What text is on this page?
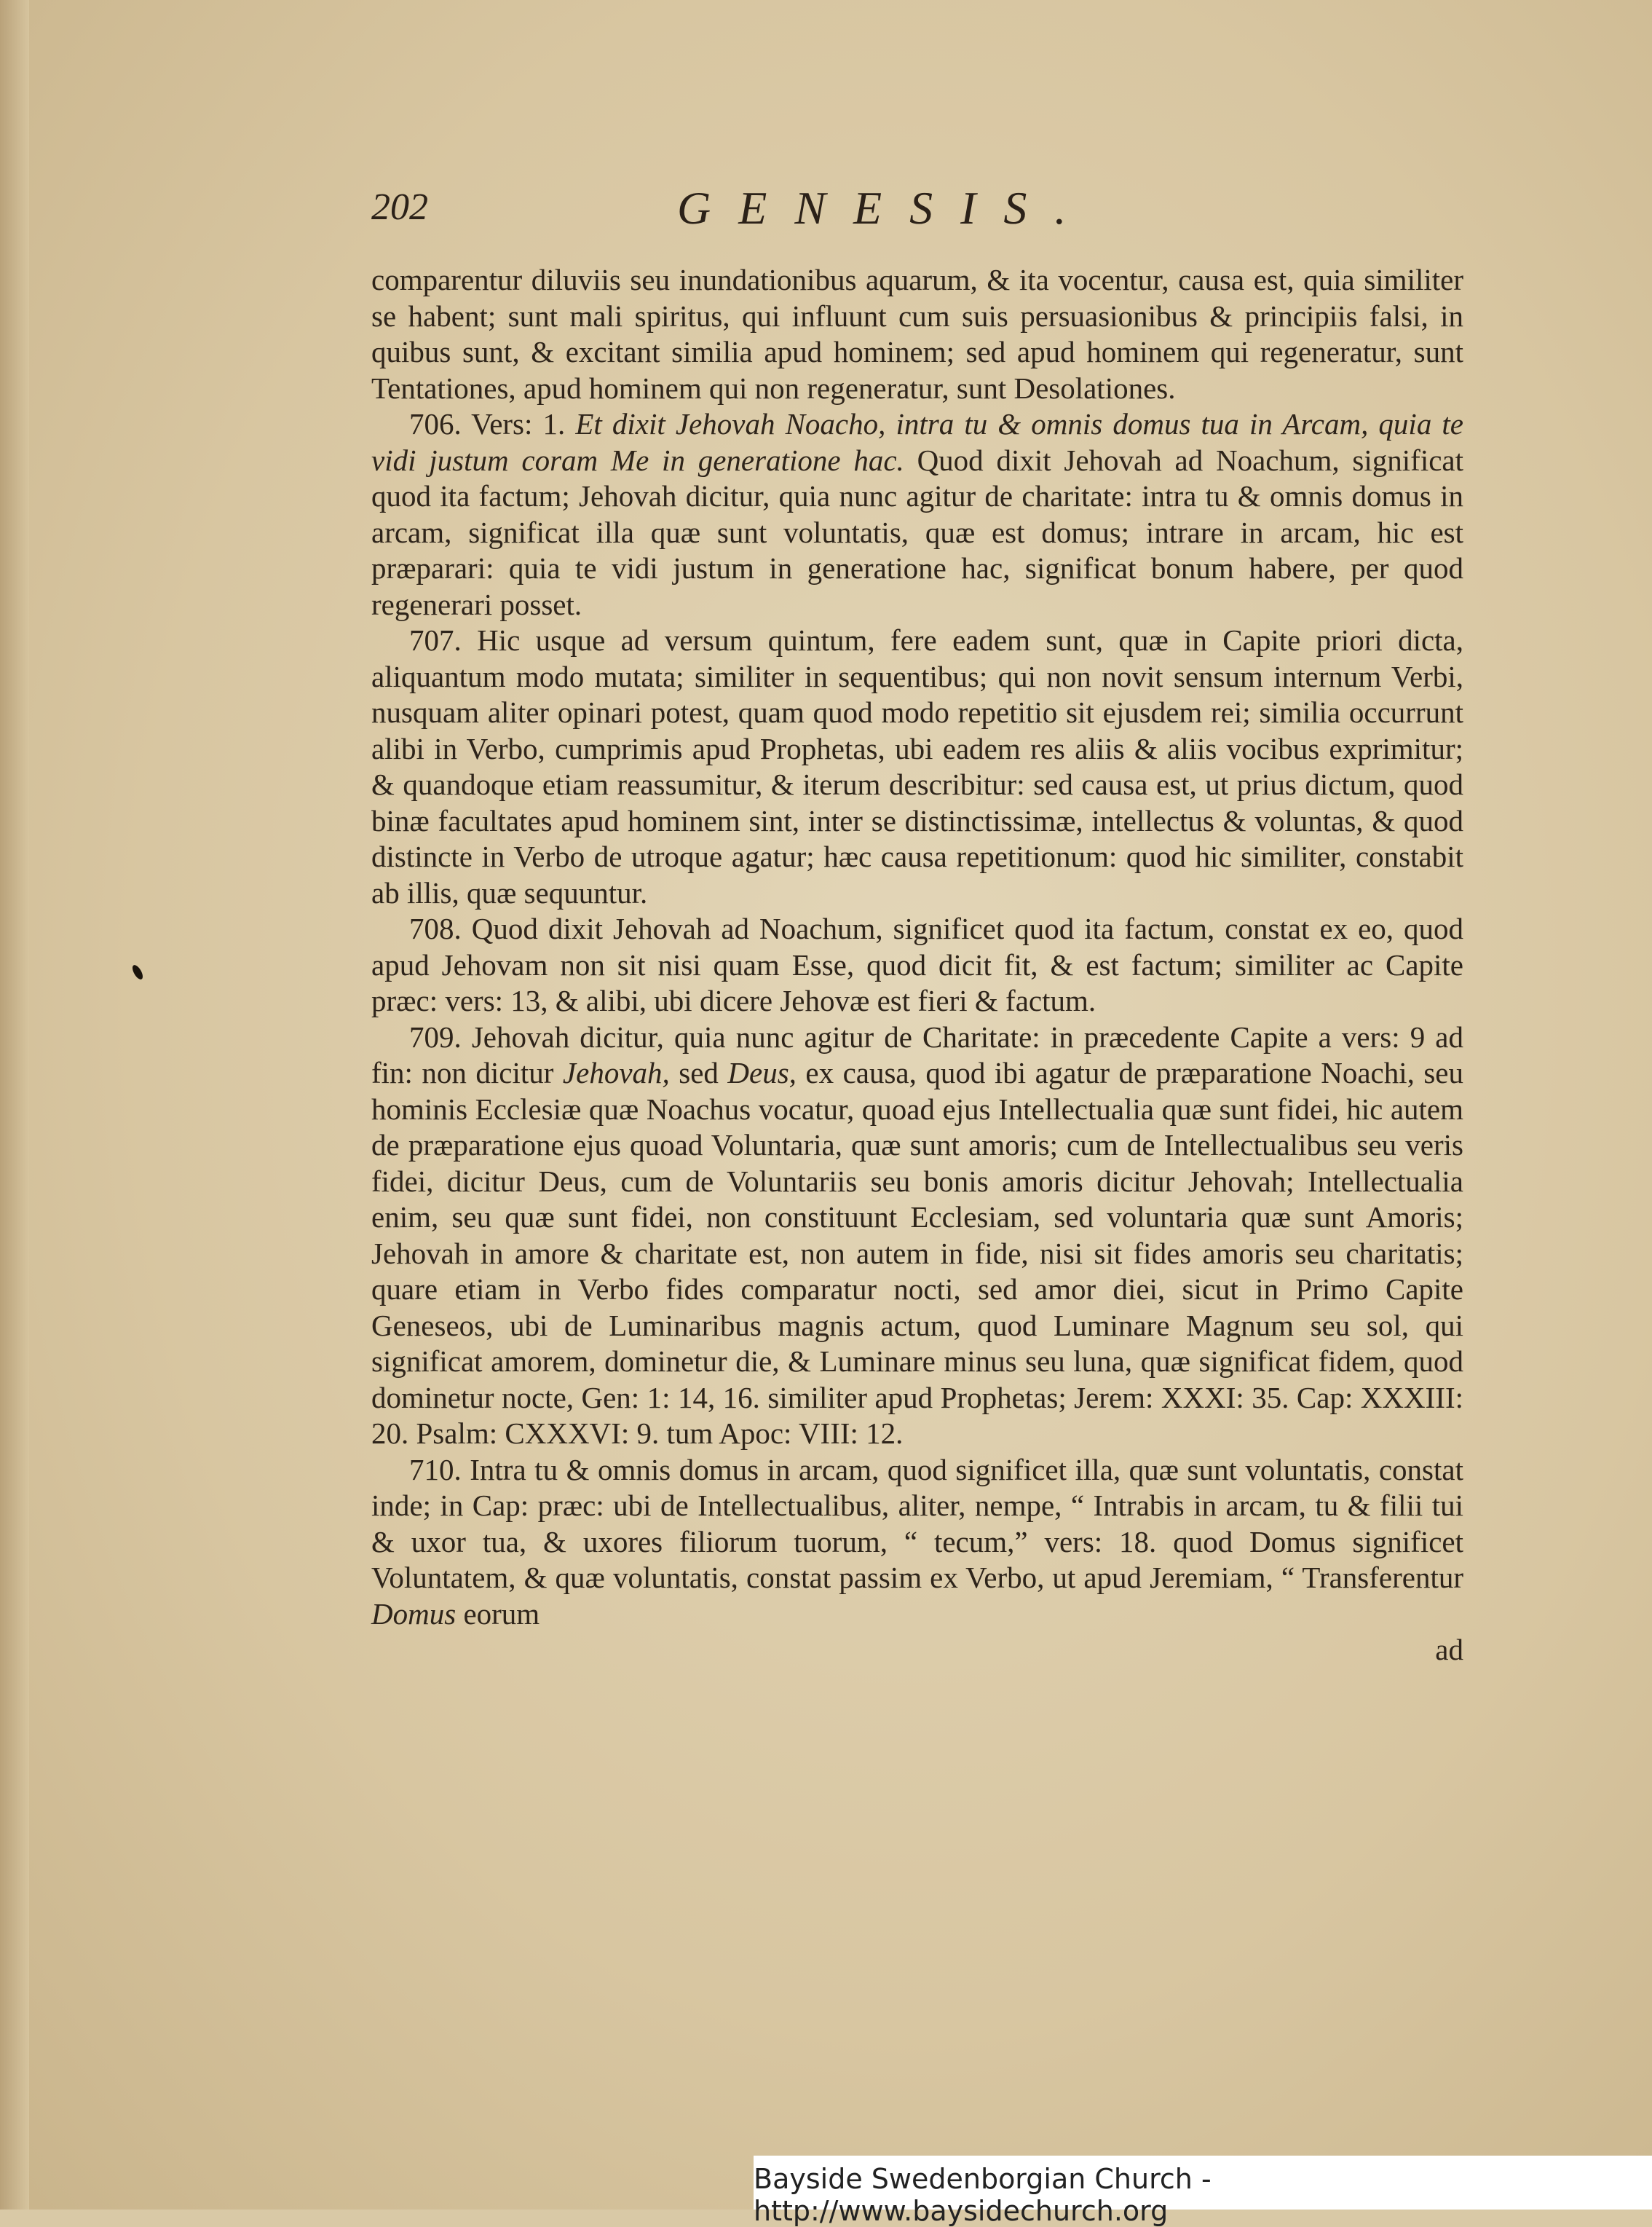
202	GENESIS.

comparentur diluviis seu inundationibus aquarum, & ita vocentur, causa est, quia similiter se habent; sunt mali spiritus, qui influunt cum suis persuasionibus & principiis falsi, in quibus sunt, & excitant similia apud hominem; sed apud hominem qui regeneratur, sunt Tentationes, apud hominem qui non regeneratur, sunt Desolationes.

706. Vers: 1. Et dixit Jehovah Noacho, intra tu & omnis domus tua in Arcam, quia te vidi justum coram Me in generatione hac. Quod dixit Jehovah ad Noachum, significat quod ita factum; Jehovah dicitur, quia nunc agitur de charitate: intra tu & omnis domus in arcam, significat illa quæ sunt voluntatis, quæ est domus; intrare in arcam, hic est præparari: quia te vidi justum in generatione hac, significat bonum habere, per quod regenerari posset.

707. Hic usque ad versum quintum, fere eadem sunt, quæ in Capite priori dicta, aliquantum modo mutata; similiter in sequentibus; qui non novit sensum internum Verbi, nusquam aliter opinari potest, quam quod modo repetitio sit ejusdem rei; similia occurrunt alibi in Verbo, cumprimis apud Prophetas, ubi eadem res aliis & aliis vocibus exprimitur; & quandoque etiam reassumitur, & iterum describitur: sed causa est, ut prius dictum, quod binæ facultates apud hominem sint, inter se distinctissimæ, intellectus & voluntas, & quod distincte in Verbo de utroque agatur; hæc causa repetitionum: quod hic similiter, constabit ab illis, quæ sequuntur.

708. Quod dixit Jehovah ad Noachum, significet quod ita factum, constat ex eo, quod apud Jehovam non sit nisi quam Esse, quod dicit fit, & est factum; similiter ac Capite præc: vers: 13, & alibi, ubi dicere Jehovæ est fieri & factum.

709. Jehovah dicitur, quia nunc agitur de Charitate: in præcedente Capite a vers: 9 ad fin: non dicitur Jehovah, sed Deus, ex causa, quod ibi agatur de præparatione Noachi, seu hominis Ecclesiæ quæ Noachus vocatur, quoad ejus Intellectualia quæ sunt fidei, hic autem de præparatione ejus quoad Voluntaria, quæ sunt amoris; cum de Intellectualibus seu veris fidei, dicitur Deus, cum de Voluntariis seu bonis amoris dicitur Jehovah; Intellectualia enim, seu quæ sunt fidei, non constituunt Ecclesiam, sed voluntaria quæ sunt Amoris; Jehovah in amore & charitate est, non autem in fide, nisi sit fides amoris seu charitatis; quare etiam in Verbo fides comparatur nocti, sed amor diei, sicut in Primo Capite Geneseos, ubi de Luminaribus magnis actum, quod Luminare Magnum seu sol, qui significat amorem, dominetur die, & Luminare minus seu luna, quæ significat fidem, quod dominetur nocte, Gen: 1: 14, 16. similiter apud Prophetas; Jerem: XXXI: 35. Cap: XXXIII: 20. Psalm: CXXXVI: 9. tum Apoc: VIII: 12.

710. Intra tu & omnis domus in arcam, quod significet illa, quæ sunt voluntatis, constat inde; in Cap: præc: ubi de Intellectualibus, aliter, nempe, “ Intrabis in arcam, tu & filii tui & uxor tua, & uxores filiorum tuorum, “ tecum,” vers: 18. quod Domus significet Voluntatem, & quæ voluntatis, constat passim ex Verbo, ut apud Jeremiam, “ Transferentur Domus eorum

ad

Bayside Swedenborgian Church - http://www.baysidechurch.org
